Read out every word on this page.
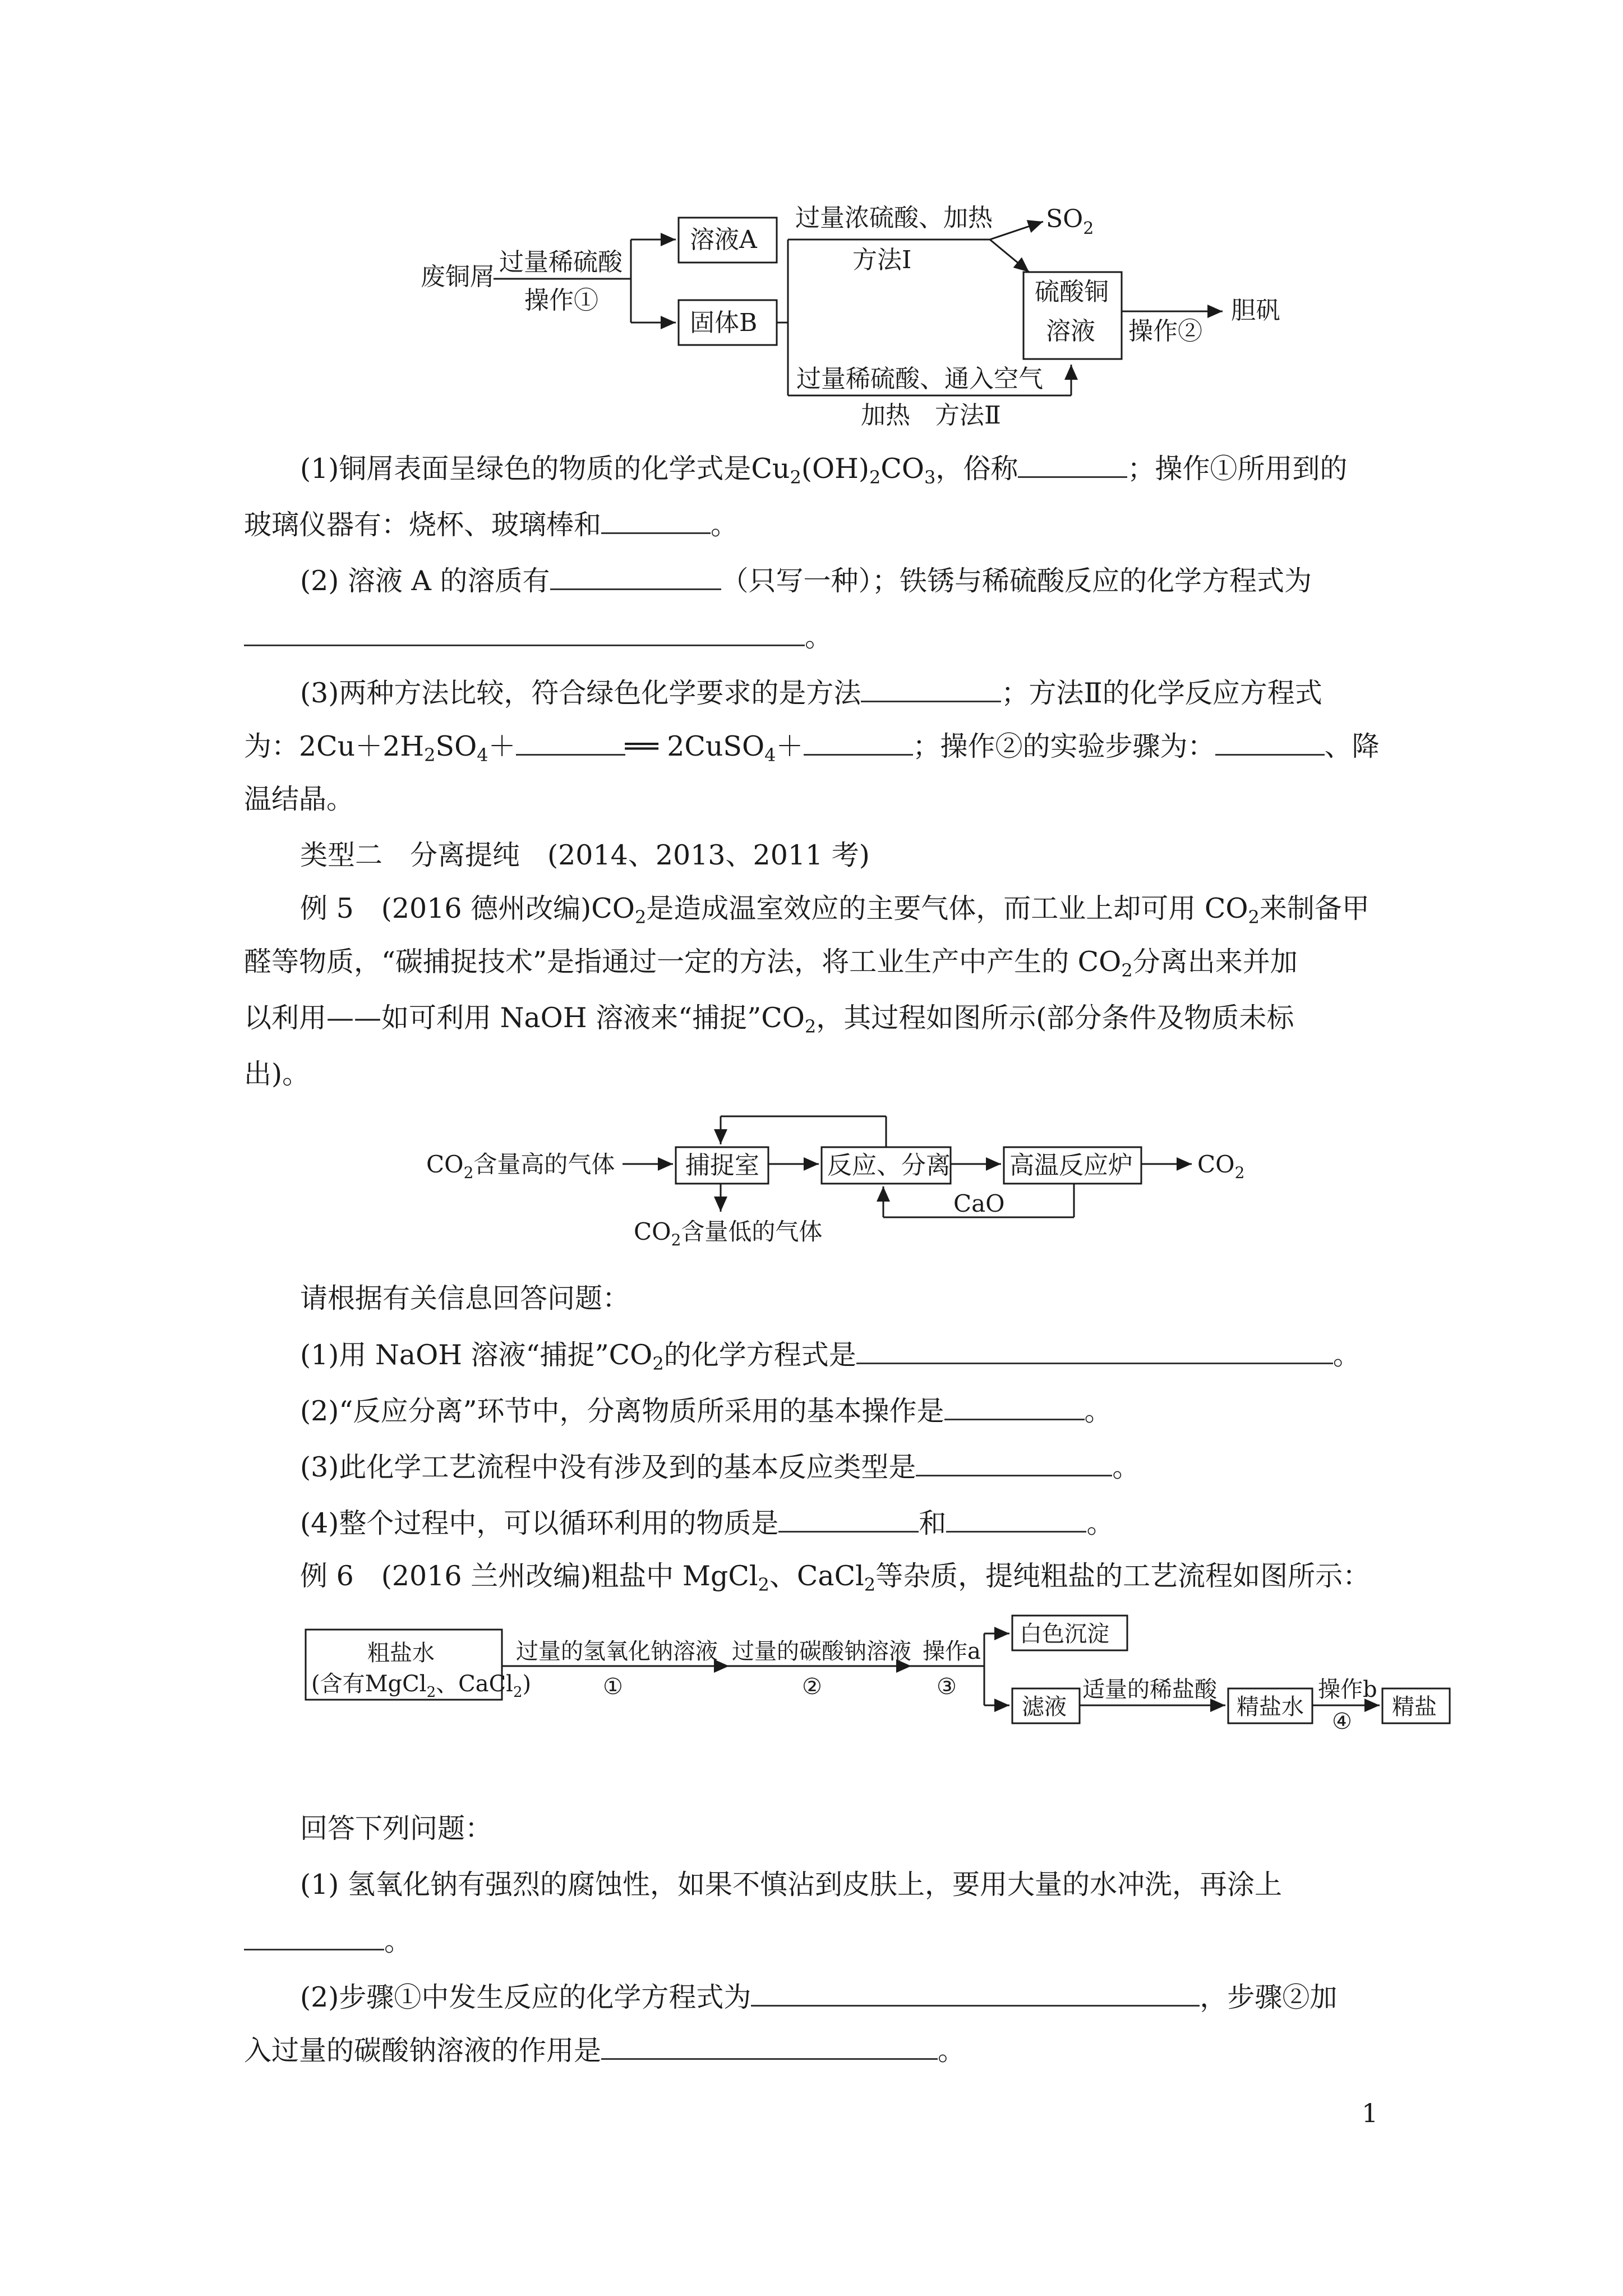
废铜屑
过量稀硫酸
操作①
溶液A
固体B
过量浓硫酸、加热
方法Ⅰ
$SO_2$
硫酸铜
溶液 操作②
胆矾
过量稀硫酸、通入空气
加热　方法Ⅱ
(1)铜屑表面呈绿色的物质的化学式是$Cu_2(OH)_2CO_3$，俗称	；操作①所用到的
玻璃仪器有：烧杯、玻璃棒和	。
(2) 溶液 A 的溶质有	（只写一种）；铁锈与稀硫酸反应的化学方程式为
。
(3)两种方法比较，符合绿色化学要求的是方法	；方法Ⅱ的化学反应方程式
为：$2Cu+2H_2SO_4+$	══ 2CuSO$_4$＋	；操作②的实验步骤为：	、降
温结晶。
类型二　分离提纯　(2014、2013、2011 考)
例 5　(2016 德州改编)$CO_2$是造成温室效应的主要气体，而工业上却可用 $CO_2$来制备甲
醛等物质，“碳捕捉技术”是指通过一定的方法，将工业生产中产生的 $CO_2$分离出来并加
以利用——如可利用 NaOH 溶液来“捕捉$”CO_2$，其过程如图所示(部分条件及物质未标
出)。
$CO_2$含量高的气体	捕捉室	反应、分离 高温反应炉	$CO_2$
$CO_2$含量低的气体
CaO
请根据有关信息回答问题：
(1)用 NaOH 溶液“捕捉$”CO_2$的化学方程式是	。
(2)“反应分离”环节中，分离物质所采用的基本操作是	。
(3)此化学工艺流程中没有涉及到的基本反应类型是	。
(4)整个过程中，可以循环利用的物质是	和	。
例 6　(2016 兰州改编)粗盐中 MgCl$_2$、CaCl$_2$等杂质，提纯粗盐的工艺流程如图所示：
粗盐水
(含有MgCl$_2$、CaCl$_2$)
过量的氢氧化钠溶液
①
过量的碳酸钠溶液
②
操作a
③
白色沉淀
滤液
适量的稀盐酸
精盐水
操作b
④
精盐
回答下列问题：
(1) 氢氧化钠有强烈的腐蚀性，如果不慎沾到皮肤上，要用大量的水冲洗，再涂上
。
(2)步骤①中发生反应的化学方程式为	，步骤②加
入过量的碳酸钠溶液的作用是	。
1
